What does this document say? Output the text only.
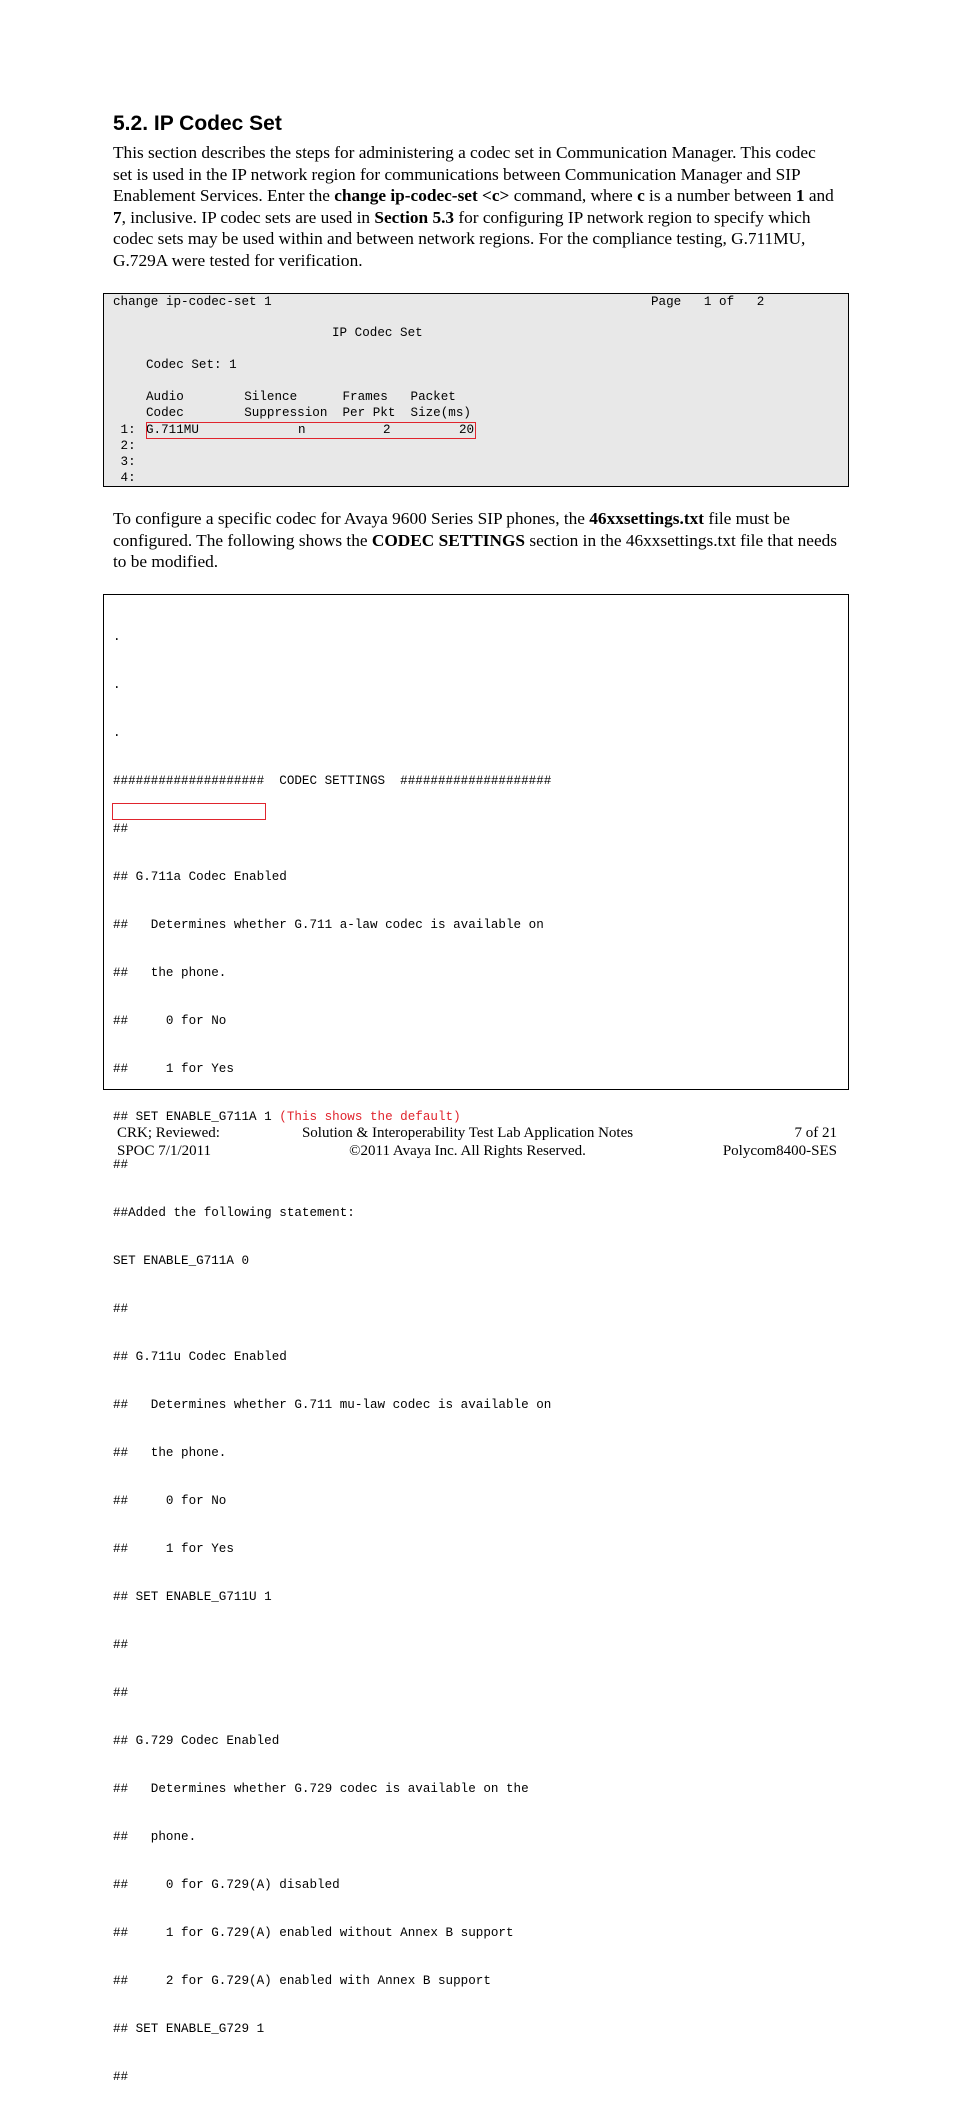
5.2. IP Codec Set
This section describes the steps for administering a codec set in Communication Manager. This codec set is used in the IP network region for communications between Communication Manager and SIP Enablement Services. Enter the change ip-codec-set <c> command, where c is a number between 1 and 7, inclusive. IP codec sets are used in Section 5.3 for configuring IP network region to specify which codec sets may be used within and between network regions. For the compliance testing, G.711MU, G.729A were tested for verification.
change ip-codec-set 1	Page   1 of   2
IP Codec Set
Codec Set: 1
Audio        Silence      Frames   Packet
Codec        Suppression  Per Pkt  Size(ms)
1: G.711MU	n	2	20
2:
3:
4:
To configure a specific codec for Avaya 9600 Series SIP phones, the 46xxsettings.txt file must be configured. The following shows the CODEC SETTINGS section in the 46xxsettings.txt file that needs to be modified.

.

.

.

####################  CODEC SETTINGS  ####################

##

## G.711a Codec Enabled

##   Determines whether G.711 a-law codec is available on

##   the phone.

##     0 for No

##     1 for Yes

## SET ENABLE_G711A 1 (This shows the default)

##

##Added the following statement:

SET ENABLE_G711A 0

##

## G.711u Codec Enabled

##   Determines whether G.711 mu-law codec is available on

##   the phone.

##     0 for No

##     1 for Yes

## SET ENABLE_G711U 1

##

##

## G.729 Codec Enabled

##   Determines whether G.729 codec is available on the

##   phone.

##     0 for G.729(A) disabled

##     1 for G.729(A) enabled without Annex B support

##     2 for G.729(A) enabled with Annex B support

## SET ENABLE_G729 1

##

CRK; Reviewed:
SPOC 7/1/2011
Solution & Interoperability Test Lab Application Notes
©2011 Avaya Inc. All Rights Reserved.
7 of 21
Polycom8400-SES
